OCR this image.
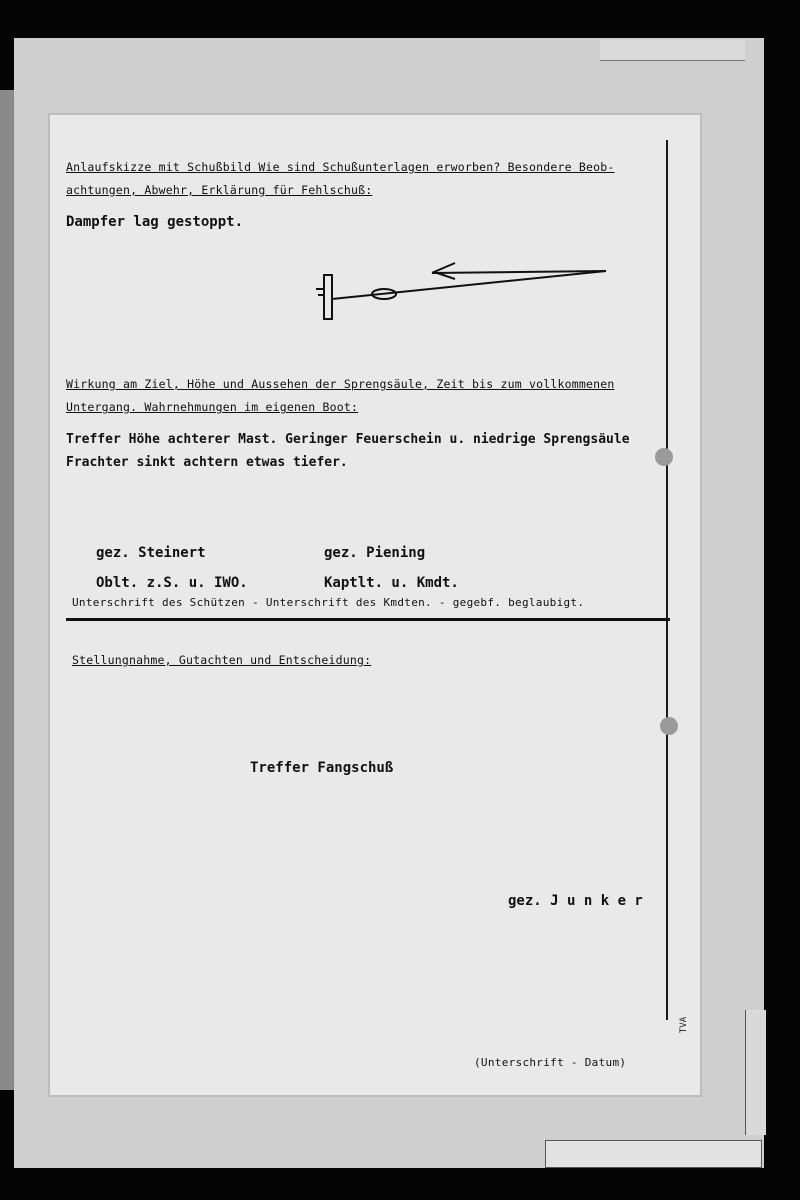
Anlaufskizze mit Schußbild Wie sind Schußunterlagen erworben? Besondere Beob-
achtungen, Abwehr, Erklärung für Fehlschuß:
Dampfer lag gestoppt.
Wirkung am Ziel, Höhe und Aussehen der Sprengsäule, Zeit bis zum vollkommenen
Untergang. Wahrnehmungen im eigenen Boot:
Treffer Höhe achterer Mast. Geringer Feuerschein u. niedrige Sprengsäule
Frachter sinkt achtern etwas tiefer.
gez. Steinert
Oblt. z.S. u. IWO.
gez. Piening
Kaptlt. u. Kmdt.
Unterschrift des Schützen - Unterschrift des Kmdten. - gegebf. beglaubigt.
Stellungnahme, Gutachten und Entscheidung:
Treffer Fangschuß
gez. J u n k e r
(Unterschrift - Datum)
TVA
